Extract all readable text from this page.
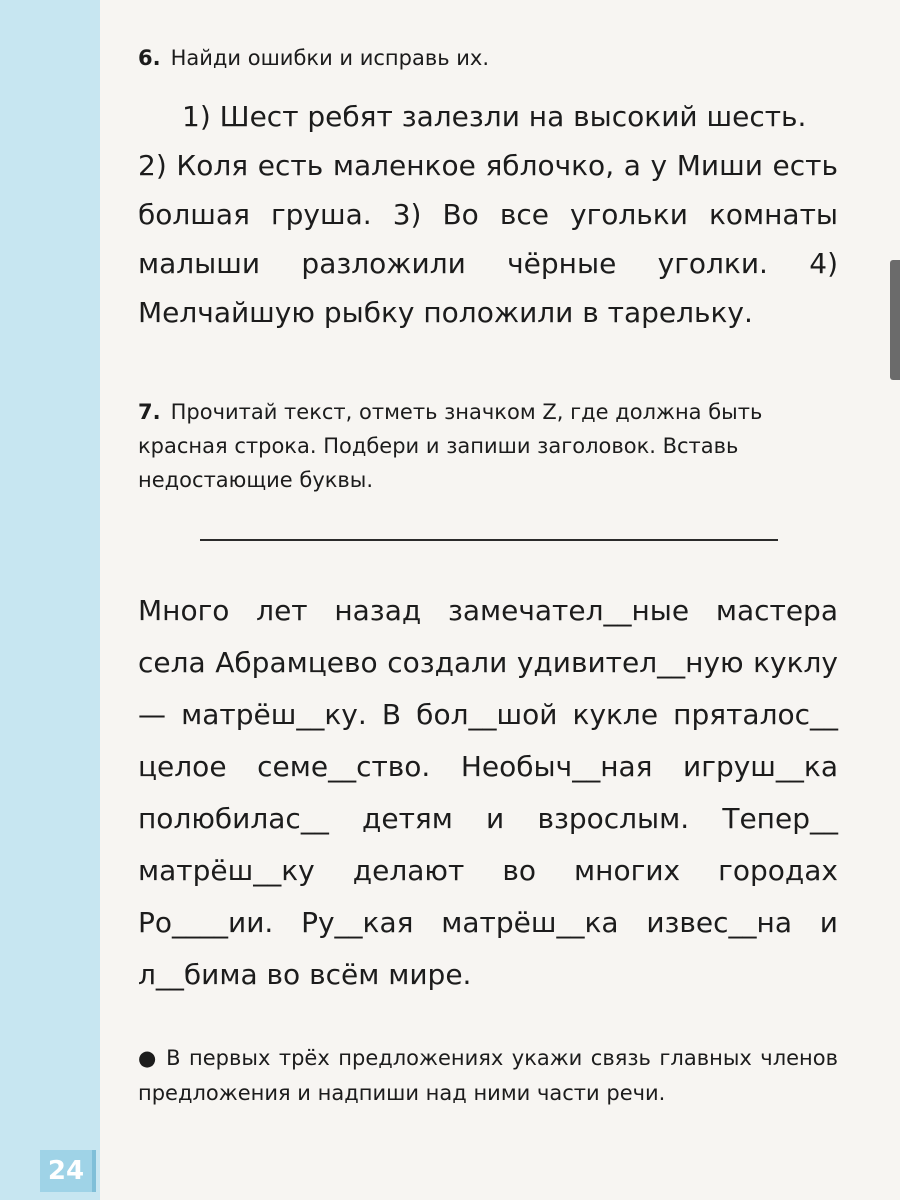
24

6. Найди ошибки и исправь их.

1) Шест ребят залезли на высокий шесть.

2) Коля есть маленкое яблочко, а у Миши есть болшая груша. 3) Во все угольки комнаты малыши разложили чёрные уголки. 4) Мелчайшую рыбку положили в тарельку.

7. Прочитай текст, отметь значком Z, где должна быть красная строка. Подбери и запиши заголовок. Вставь недостающие буквы.

Много лет назад замечател__ные мастера села Абрамцево создали удивител__ную куклу — матрёш__ку. В бол__шой кукле пряталос__ целое семе__ство. Необыч__ная игруш__ка полюбилас__ детям и взрослым. Тепер__ матрёш__ку делают во многих городах Ро____ии. Ру__кая матрёш__ка извес__на и л__бима во всём мире.

● В первых трёх предложениях укажи связь главных членов предложения и надпиши над ними части речи.
